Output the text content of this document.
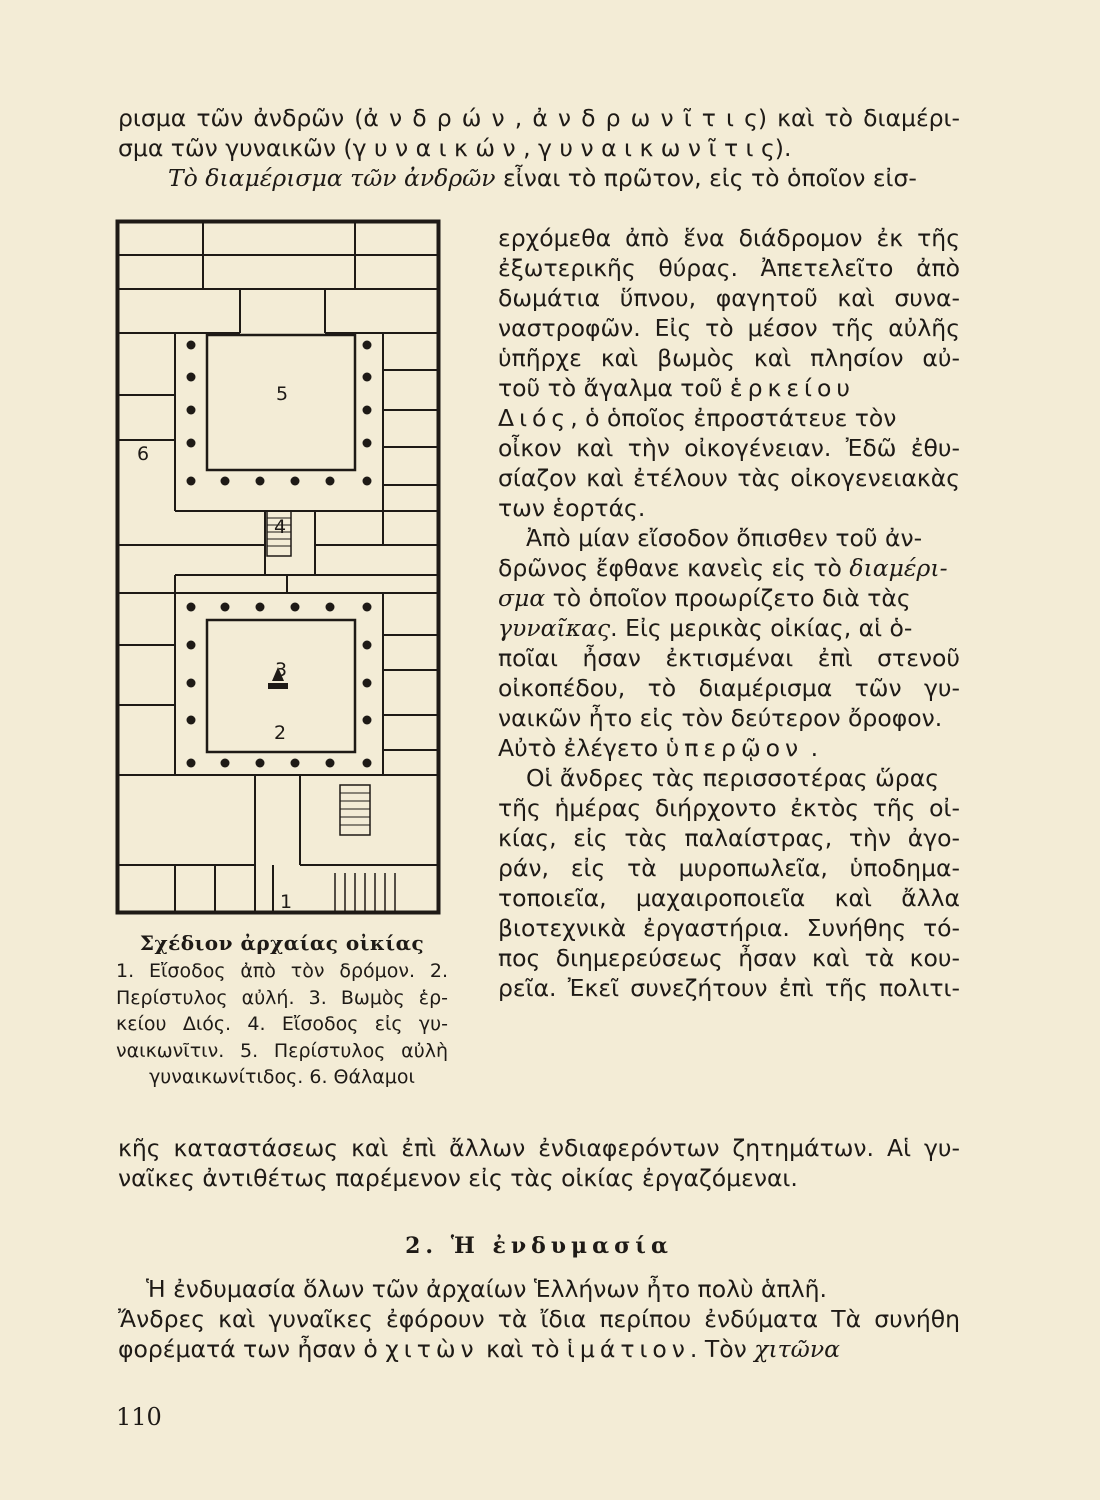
ρισμα τῶν ἀνδρῶν (ἀ ν δ ρ ώ ν , ἀ ν δ ρ ω ν ῖ τ ι ς) καὶ τὸ διαμέρι-
σμα τῶν γυναικῶν (γ υ ν α ι κ ώ ν , γ υ ν α ι κ ω ν ῖ τ ι ς).
Τὸ διαμέρισμα τῶν ἀνδρῶν εἶναι τὸ πρῶτον, εἰς τὸ ὁποῖον εἰσ-
ερχόμεθα ἀπὸ ἕνα διάδρομον ἐκ τῆς
ἐξωτερικῆς θύρας. Ἀπετελεῖτο ἀπὸ
δωμάτια ὕπνου, φαγητοῦ καὶ συνα-
ναστροφῶν. Εἰς τὸ μέσον τῆς αὐλῆς
ὑπῆρχε καὶ βωμὸς καὶ πλησίον αὐ-
τοῦ τὸ ἄγαλμα τοῦ ἑρκείου
Διός, ὁ ὁποῖος ἐπροστάτευε τὸν
οἶκον καὶ τὴν οἰκογένειαν. Ἐδῶ ἐθυ-
σίαζον καὶ ἐτέλουν τὰς οἰκογενειακὰς
των ἑορτάς.
Ἀπὸ μίαν εἴσοδον ὄπισθεν τοῦ ἀν-
δρῶνος ἔφθανε κανεὶς εἰς τὸ διαμέρι-
σμα τὸ ὁποῖον προωρίζετο διὰ τὰς
γυναῖκας. Εἰς μερικὰς οἰκίας, αἱ ὁ-
ποῖαι ἦσαν ἐκτισμέναι ἐπὶ στενοῦ
οἰκοπέδου, τὸ διαμέρισμα τῶν γυ-
ναικῶν ἦτο εἰς τὸν δεύτερον ὄροφον.
Αὐτὸ ἐλέγετο ὑπερῷον .
Οἱ ἄνδρες τὰς περισσοτέρας ὥρας
τῆς ἡμέρας διήρχοντο ἐκτὸς τῆς οἰ-
κίας, εἰς τὰς παλαίστρας, τὴν ἀγο-
ράν, εἰς τὰ μυροπωλεῖα, ὑποδημα-
τοποιεῖα, μαχαιροποιεῖα καὶ ἄλλα
βιοτεχνικὰ ἐργαστήρια. Συνήθης τό-
πος διημερεύσεως ἦσαν καὶ τὰ κου-
ρεῖα. Ἐκεῖ συνεζήτουν ἐπὶ τῆς πολιτι-
5
6
4
3
2
1
Σχέδιον ἀρχαίας οἰκίας
1. Εἴσοδος ἀπὸ τὸν δρόμον. 2.
Περίστυλος αὐλή. 3. Βωμὸς ἑρ-
κείου Διός. 4. Εἴσοδος εἰς γυ-
ναικωνῖτιν. 5. Περίστυλος αὐλὴ
γυναικωνίτιδος. 6. Θάλαμοι
κῆς καταστάσεως καὶ ἐπὶ ἄλλων ἐνδιαφερόντων ζητημάτων. Αἱ γυ-
ναῖκες ἀντιθέτως παρέμενον εἰς τὰς οἰκίας ἐργαζόμεναι.
2. Ἡ ἐνδυμασία
Ἡ ἐνδυμασία ὅλων τῶν ἀρχαίων Ἑλλήνων ἦτο πολὺ ἁπλῆ.
Ἄνδρες καὶ γυναῖκες ἐφόρουν τὰ ἴδια περίπου ἐνδύματα Τὰ συνήθη
φορέματά των ἦσαν ὁ χιτὼν καὶ τὸ ἱμάτιον. Τὸν χιτῶνα
110
